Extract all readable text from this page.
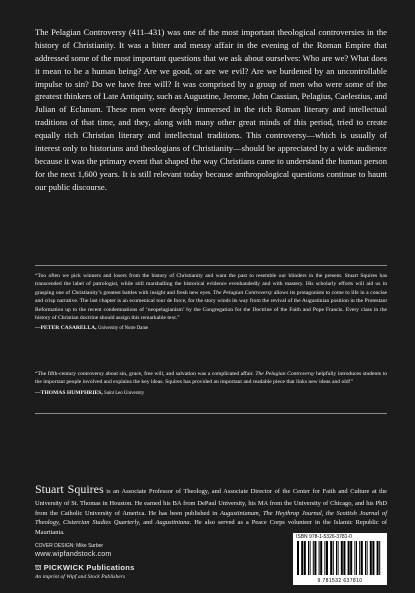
The Pelagian Controversy (411–431) was one of the most important theological controversies in the history of Christianity. It was a bitter and messy affair in the evening of the Roman Empire that addressed some of the most important questions that we ask about ourselves: Who are we? What does it mean to be a human being? Are we good, or are we evil? Are we burdened by an uncontrollable impulse to sin? Do we have free will? It was comprised by a group of men who were some of the greatest thinkers of Late Antiquity, such as Augustine, Jerome, John Cassian, Pelagius, Caelestius, and Julian of Eclanum. These men were deeply immersed in the rich Roman literary and intellectual traditions of that time, and they, along with many other great minds of this period, tried to create equally rich Christian literary and intellectual traditions. This controversy—which is usually of interest only to historians and theologians of Christianity—should be appreciated by a wide audience because it was the primary event that shaped the way Christians came to understand the human person for the next 1,600 years. It is still relevant today because anthropological questions continue to haunt our public discourse.

“Too often we pick winners and losers from the history of Christianity and want the past to resemble our blinders in the present. Stuart Squires has transcended the label of patrologist, while still marshalling the historical evidence evenhandedly and with mastery. His scholarly efforts will aid us in grasping one of Christianity’s greatest battles with insight and fresh new eyes. The Pelagian Controversy allows its protagonists to come to life in a concise and crisp narrative. The last chapter is an ecumenical tour de force, for the story winds its way from the revival of the Augustinian position in the Protestant Reformation up to the recent condemnations of ‘neopelagianism’ by the Congregation for the Doctrine of the Faith and Pope Francis. Every class in the history of Christian doctrine should assign this remarkable text.”

—PETER CASARELLA, University of Notre Dame

“The fifth-century controversy about sin, grace, free will, and salvation was a complicated affair. The Pelagian Controversy helpfully introduces students to the important people involved and explains the key ideas. Squires has provided an important and readable piece that links new ideas and old!”

—THOMAS HUMPHRIES, Saint Leo University

Stuart Squires is an Associate Professor of Theology, and Associate Director of the Center for Faith and Culture at the University of St. Thomas in Houston. He earned his BA from DePaul University, his MA from the University of Chicago, and his PhD from the Catholic University of America. He has been published in Augustinianum, The Heythrop Journal, the Scottish Journal of Theology, Cistercian Studies Quarterly, and Augustiniana. He also served as a Peace Corps volunteer in the Islamic Republic of Mauritania.

COVER DESIGN: Mike Surber
www.wipfandstock.com
⛫ PICKWICK Publications
An imprint of Wipf and Stock Publishers
ISBN 978-1-5326-3781-0
9 781532 637810
